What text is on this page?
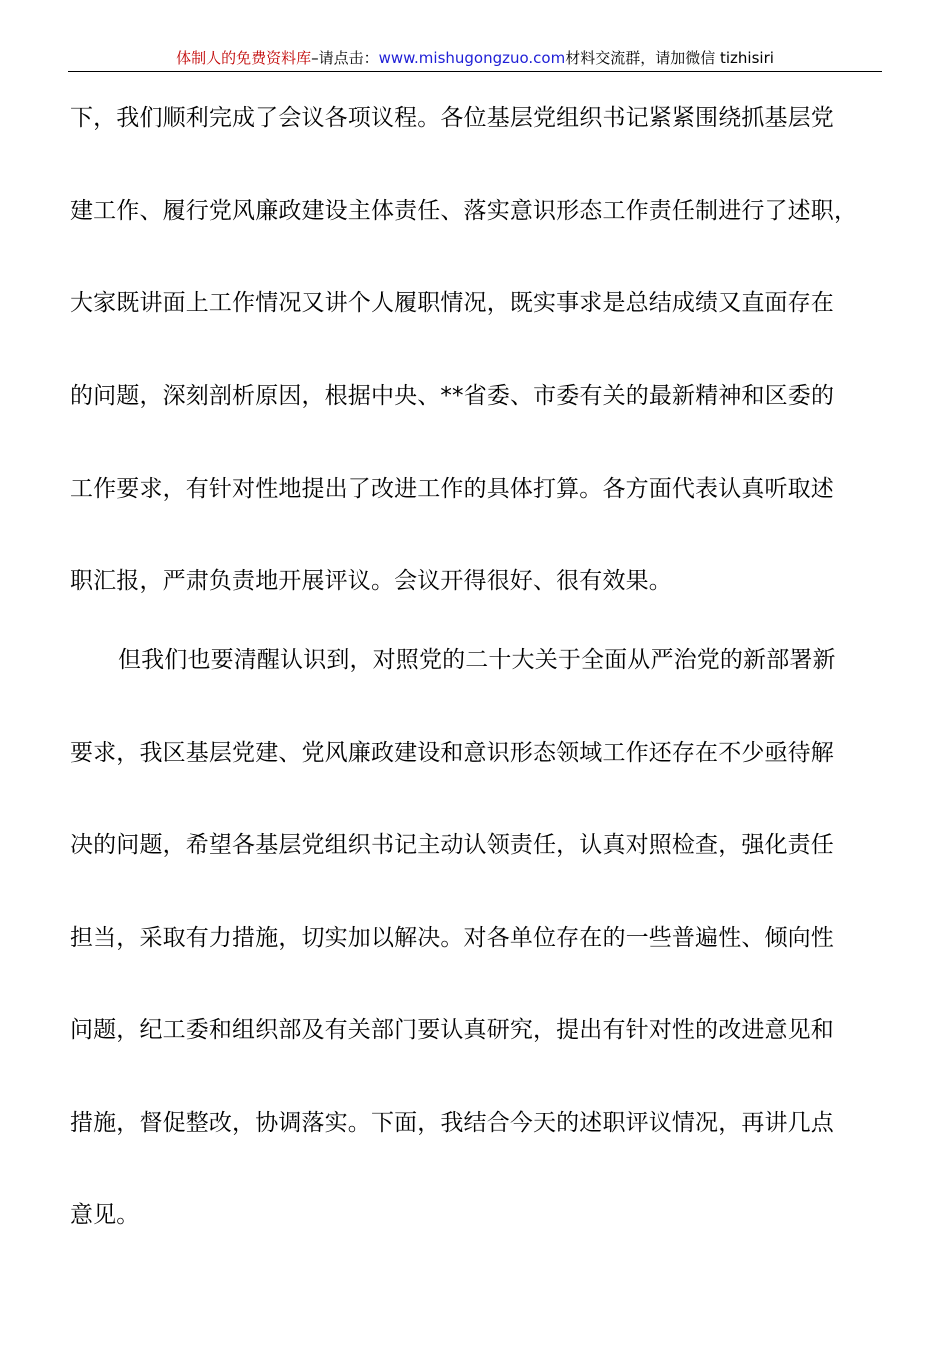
体制人的免费资料库–请点击：www.mishugongzuo.com材料交流群，请加微信 tizhisiri
下，我们顺利完成了会议各项议程。各位基层党组织书记紧紧围绕抓基层党
建工作、履行党风廉政建设主体责任、落实意识形态工作责任制进行了述职，
大家既讲面上工作情况又讲个人履职情况，既实事求是总结成绩又直面存在
的问题，深刻剖析原因，根据中央、**省委、市委有关的最新精神和区委的
工作要求，有针对性地提出了改进工作的具体打算。各方面代表认真听取述
职汇报，严肃负责地开展评议。会议开得很好、很有效果。
但我们也要清醒认识到，对照党的二十大关于全面从严治党的新部署新
要求，我区基层党建、党风廉政建设和意识形态领域工作还存在不少亟待解
决的问题，希望各基层党组织书记主动认领责任，认真对照检查，强化责任
担当，采取有力措施，切实加以解决。对各单位存在的一些普遍性、倾向性
问题，纪工委和组织部及有关部门要认真研究，提出有针对性的改进意见和
措施，督促整改，协调落实。下面，我结合今天的述职评议情况，再讲几点
意见。
